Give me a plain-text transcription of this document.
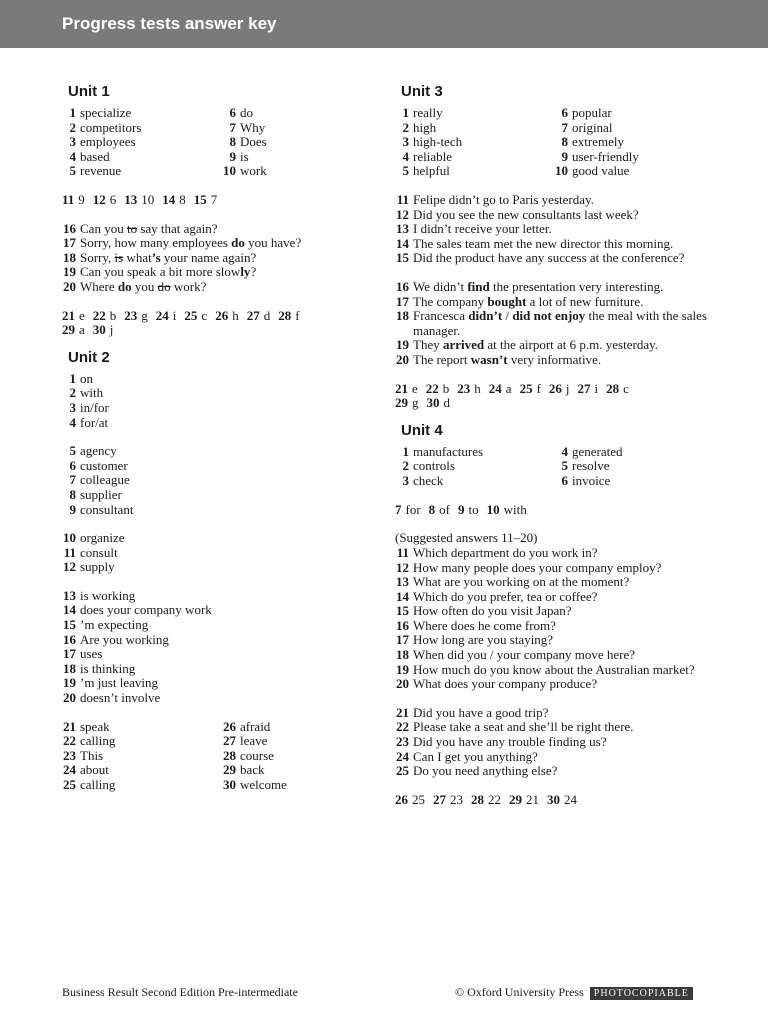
Progress tests answer key
Unit 1
1 specialize
2 competitors
3 employees
4 based
5 revenue
6 do
7 Why
8 Does
9 is
10 work
11 9 12 6 13 10 14 8 15 7
16 Can you to say that again?
17 Sorry, how many employees do you have?
18 Sorry, is what’s your name again?
19 Can you speak a bit more slowly?
20 Where do you do work?
21 e 22 b 23 g 24 i 25 c 26 h 27 d 28 f
29 a 30 j
Unit 2
1 on
2 with
3 in/for
4 for/at
5 agency
6 customer
7 colleague
8 supplier
9 consultant
10 organize
11 consult
12 supply
13 is working
14 does your company work
15 ’m expecting
16 Are you working
17 uses
18 is thinking
19 ’m just leaving
20 doesn’t involve
21 speak
22 calling
23 This
24 about
25 calling
26 afraid
27 leave
28 course
29 back
30 welcome
Unit 3
1 really
2 high
3 high-tech
4 reliable
5 helpful
6 popular
7 original
8 extremely
9 user-friendly
10 good value
11 Felipe didn’t go to Paris yesterday.
12 Did you see the new consultants last week?
13 I didn’t receive your letter.
14 The sales team met the new director this morning.
15 Did the product have any success at the conference?
16 We didn’t find the presentation very interesting.
17 The company bought a lot of new furniture.
18 Francesca didn’t / did not enjoy the meal with the sales manager.
19 They arrived at the airport at 6 p.m. yesterday.
20 The report wasn’t very informative.
21 e 22 b 23 h 24 a 25 f 26 j 27 i 28 c
29 g 30 d
Unit 4
1 manufactures
2 controls
3 check
4 generated
5 resolve
6 invoice
7 for 8 of 9 to 10 with
(Suggested answers 11–20)
11 Which department do you work in?
12 How many people does your company employ?
13 What are you working on at the moment?
14 Which do you prefer, tea or coffee?
15 How often do you visit Japan?
16 Where does he come from?
17 How long are you staying?
18 When did you / your company move here?
19 How much do you know about the Australian market?
20 What does your company produce?
21 Did you have a good trip?
22 Please take a seat and she’ll be right there.
23 Did you have any trouble finding us?
24 Can I get you anything?
25 Do you need anything else?
26 25 27 23 28 22 29 21 30 24
Business Result Second Edition Pre-intermediate	© Oxford University Press PHOTOCOPIABLE
